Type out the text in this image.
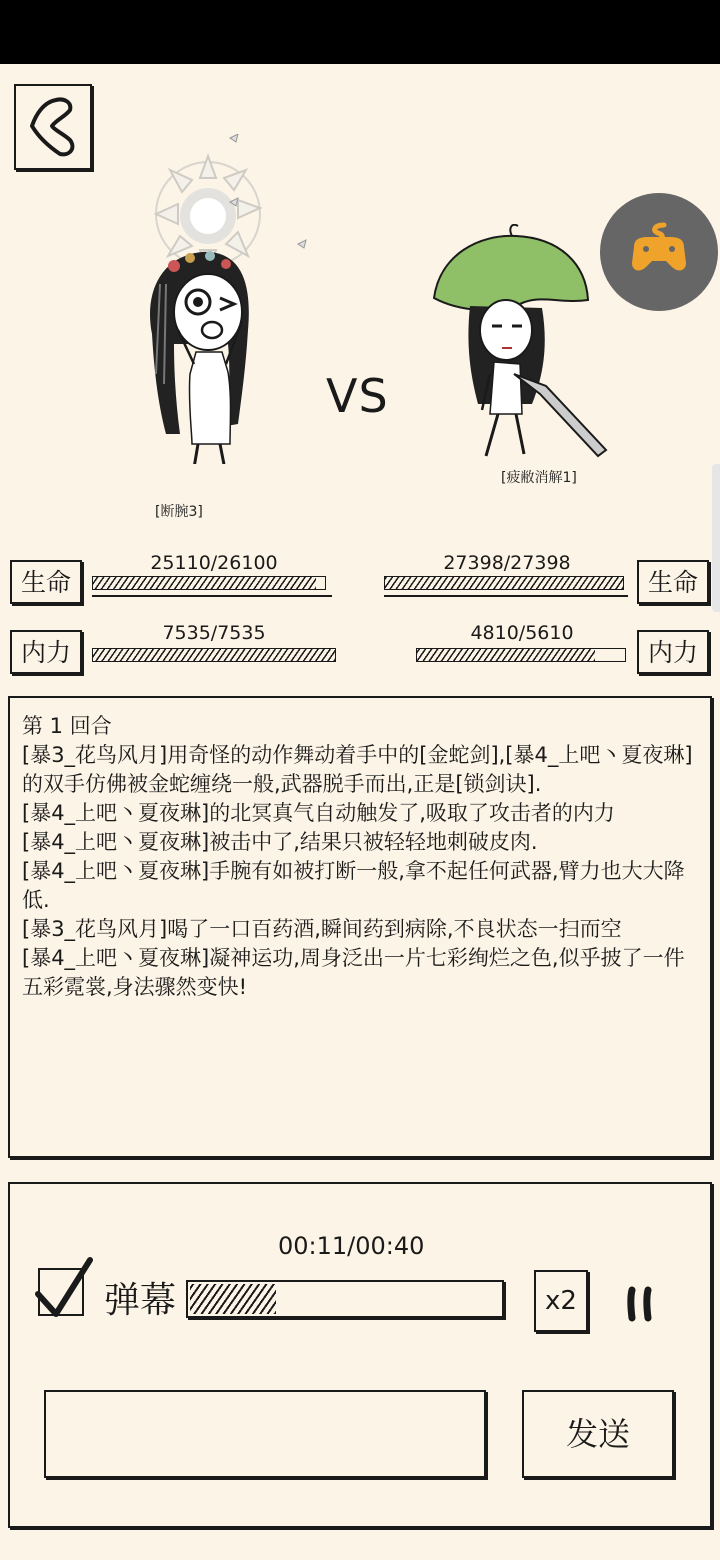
VS
[断腕3]
[疲敝消解1]
生命
25110/26100
生命
27398/27398
内力
7535/7535
内力
4810/5610
第 1 回合
[暴3_花鸟风月]用奇怪的动作舞动着手中的[金蛇剑],[暴4_上吧丶夏夜琳]的双手仿佛被金蛇缠绕一般,武器脱手而出,正是[锁剑诀].
[暴4_上吧丶夏夜琳]的北冥真气自动触发了,吸取了攻击者的内力
[暴4_上吧丶夏夜琳]被击中了,结果只被轻轻地刺破皮肉.
[暴4_上吧丶夏夜琳]手腕有如被打断一般,拿不起任何武器,臂力也大大降低.
[暴3_花鸟风月]喝了一口百药酒,瞬间药到病除,不良状态一扫而空
[暴4_上吧丶夏夜琳]凝神运功,周身泛出一片七彩绚烂之色,似乎披了一件五彩霓裳,身法骤然变快!
00:11/00:40
弹幕	x2
发送
